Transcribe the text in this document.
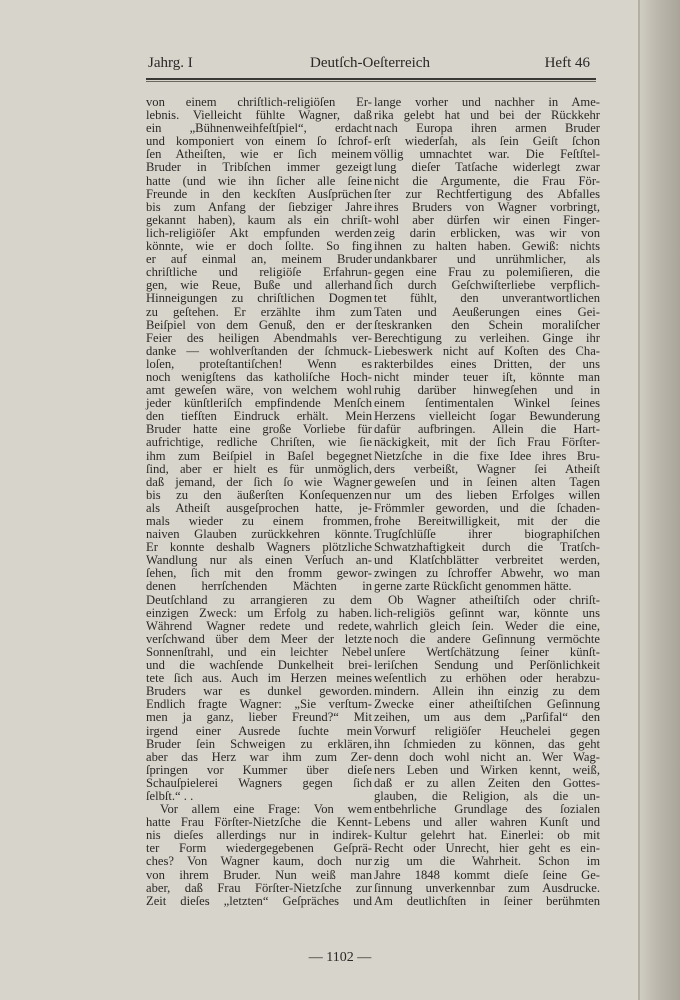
Jahrg. I	Deutſch-Oeſterreich	Heft 46
von einem chriſtlich-religiöſen Er-
lebnis. Vielleicht fühlte Wagner, daß
ein „Bühnenweihfeſtſpiel“, erdacht
und komponiert von einem ſo ſchrof-
ſen Atheiſten, wie er ſich meinem
Bruder in Tribſchen immer gezeigt
hatte (und wie ihn ſicher alle ſeine
Freunde in den keckſten Ausſprüchen
bis zum Anfang der ſiebziger Jahre
gekannt haben), kaum als ein chriſt-
lich-religiöſer Akt empfunden werden
könnte, wie er doch ſollte. So fing
er auf einmal an, meinem Bruder
chriſtliche und religiöſe Erfahrun-
gen, wie Reue, Buße und allerhand
Hinneigungen zu chriſtlichen Dogmen
zu geſtehen. Er erzählte ihm zum
Beiſpiel von dem Genuß, den er der
Feier des heiligen Abendmahls ver-
danke — wohlverſtanden der ſchmuck-
loſen, proteſtantiſchen! Wenn es
noch wenigſtens das katholiſche Hoch-
amt geweſen wäre, von welchem wohl
jeder künſtleriſch empfindende Menſch
den tiefſten Eindruck erhält. Mein
Bruder hatte eine große Vorliebe für
aufrichtige, redliche Chriſten, wie ſie
ihm zum Beiſpiel in Baſel begegnet
ſind, aber er hielt es für unmöglich,
daß jemand, der ſich ſo wie Wagner
bis zu den äußerſten Konſequenzen
als Atheiſt ausgeſprochen hatte, je-
mals wieder zu einem frommen,
naiven Glauben zurückkehren könnte.
Er konnte deshalb Wagners plötzliche
Wandlung nur als einen Verſuch an-
ſehen, ſich mit den fromm gewor-
denen herrſchenden Mächten in
Deutſchland zu arrangieren zu dem
einzigen Zweck: um Erfolg zu haben.
Während Wagner redete und redete,
verſchwand über dem Meer der letzte
Sonnenſtrahl, und ein leichter Nebel
und die wachſende Dunkelheit brei-
tete ſich aus. Auch im Herzen meines
Bruders war es dunkel geworden.
Endlich fragte Wagner: „Sie verſtum-
men ja ganz, lieber Freund?“ Mit
irgend einer Ausrede ſuchte mein
Bruder ſein Schweigen zu erklären,
aber das Herz war ihm zum Zer-
ſpringen vor Kummer über dieſe
Schauſpielerei Wagners gegen ſich
ſelbſt.“ . .
Vor allem eine Frage: Von wem
hatte Frau Förſter-Nietzſche die Kennt-
nis dieſes allerdings nur in indirek-
ter Form wiedergegebenen Geſprä-
ches? Von Wagner kaum, doch nur
von ihrem Bruder. Nun weiß man
aber, daß Frau Förſter-Nietzſche zur
Zeit dieſes „letzten“ Geſpräches und
lange vorher und nachher in Ame-
rika gelebt hat und bei der Rückkehr
nach Europa ihren armen Bruder
erſt wiederſah, als ſein Geiſt ſchon
völlig umnachtet war. Die Feſtſtel-
lung dieſer Tatſache widerlegt zwar
nicht die Argumente, die Frau För-
ſter zur Rechtfertigung des Abfalles
ihres Bruders von Wagner vorbringt,
wohl aber dürfen wir einen Finger-
zeig darin erblicken, was wir von
ihnen zu halten haben. Gewiß: nichts
undankbarer und unrühmlicher, als
gegen eine Frau zu polemiſieren, die
ſich durch Geſchwiſterliebe verpflich-
tet fühlt, den unverantwortlichen
Taten und Aeußerungen eines Gei-
ſteskranken den Schein moraliſcher
Berechtigung zu verleihen. Ginge ihr
Liebeswerk nicht auf Koſten des Cha-
rakterbildes eines Dritten, der uns
nicht minder teuer iſt, könnte man
ruhig darüber hinwegſehen und in
einem ſentimentalen Winkel ſeines
Herzens vielleicht ſogar Bewunderung
dafür aufbringen. Allein die Hart-
näckigkeit, mit der ſich Frau Förſter-
Nietzſche in die fixe Idee ihres Bru-
ders verbeißt, Wagner ſei Atheiſt
geweſen und in ſeinen alten Tagen
nur um des lieben Erfolges willen
Frömmler geworden, und die ſchaden-
frohe Bereitwilligkeit, mit der die
Trugſchlüſſe ihrer biographiſchen
Schwatzhaftigkeit durch die Tratſch-
und Klatſchblätter verbreitet werden,
zwingen zu ſchroffer Abwehr, wo man
gerne zarte Rückſicht genommen hätte.
Ob Wagner atheiſtiſch oder chriſt-
lich-religiös geſinnt war, könnte uns
wahrlich gleich ſein. Weder die eine,
noch die andere Geſinnung vermöchte
unſere Wertſchätzung ſeiner künſt-
leriſchen Sendung und Perſönlichkeit
weſentlich zu erhöhen oder herabzu-
mindern. Allein ihn einzig zu dem
Zwecke einer atheiſtiſchen Geſinnung
zeihen, um aus dem „Parſifal“ den
Vorwurf religiöſer Heuchelei gegen
ihn ſchmieden zu können, das geht
denn doch wohl nicht an. Wer Wag-
ners Leben und Wirken kennt, weiß,
daß er zu allen Zeiten den Gottes-
glauben, die Religion, als die un-
entbehrliche Grundlage des ſozialen
Lebens und aller wahren Kunſt und
Kultur gelehrt hat. Einerlei: ob mit
Recht oder Unrecht, hier geht es ein-
zig um die Wahrheit. Schon im
Jahre 1848 kommt dieſe ſeine Ge-
ſinnung unverkennbar zum Ausdrucke.
Am deutlichſten in ſeiner berühmten
— 1102 —
